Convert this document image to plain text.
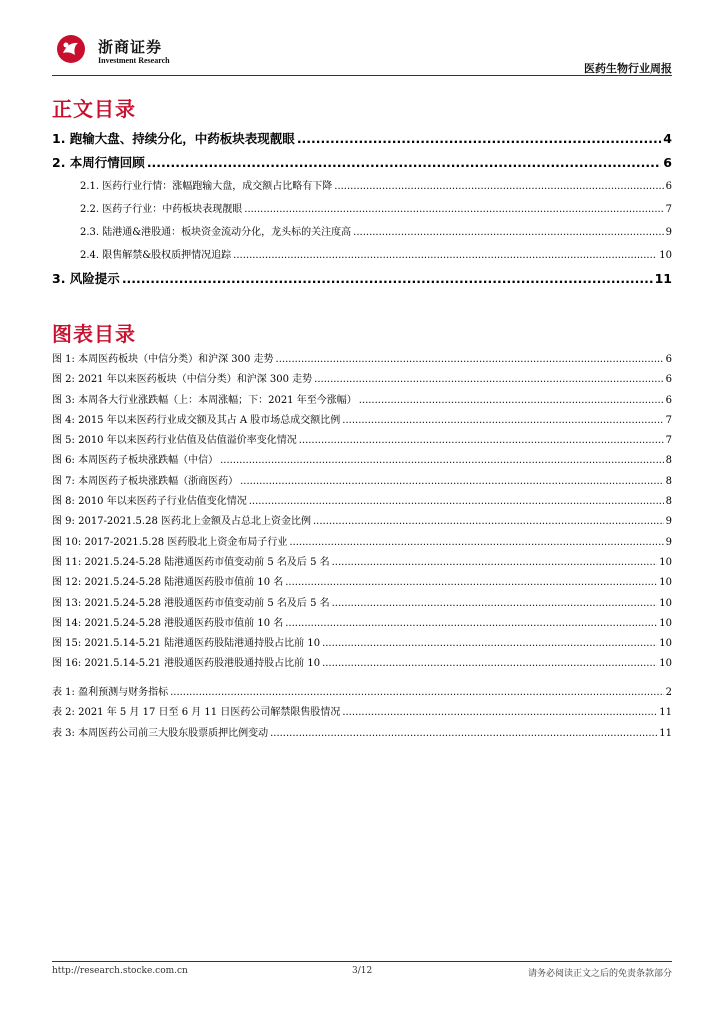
浙商证券
Investment Research
医药生物行业周报
正文目录
1. 跑输大盘、持续分化，中药板块表现靓眼 .....	4
2. 本周行情回顾 .....	6
2.1. 医药行业行情：涨幅跑输大盘，成交额占比略有下降 .....	6
2.2. 医药子行业：中药板块表现靓眼 .....	7
2.3. 陆港通&港股通：板块资金流动分化，龙头标的关注度高 .....	9
2.4. 限售解禁&股权质押情况追踪 .....	10
3. 风险提示 .....	11
图表目录
图 1: 本周医药板块（中信分类）和沪深 300 走势 .....	6
图 2: 2021 年以来医药板块（中信分类）和沪深 300 走势 .....	6
图 3: 本周各大行业涨跌幅（上：本周涨幅；下：2021 年至今涨幅） .....	6
图 4: 2015 年以来医药行业成交额及其占 A 股市场总成交额比例 .....	7
图 5: 2010 年以来医药行业估值及估值溢价率变化情况 .....	7
图 6: 本周医药子板块涨跌幅（中信） .....	8
图 7: 本周医药子板块涨跌幅（浙商医药） .....	8
图 8: 2010 年以来医药子行业估值变化情况 .....	8
图 9: 2017-2021.5.28 医药北上金额及占总北上资金比例 .....	9
图 10: 2017-2021.5.28 医药股北上资金布局子行业 .....	9
图 11: 2021.5.24-5.28 陆港通医药市值变动前 5 名及后 5 名 .....	10
图 12: 2021.5.24-5.28 陆港通医药股市值前 10 名 .....	10
图 13: 2021.5.24-5.28 港股通医药市值变动前 5 名及后 5 名 .....	10
图 14: 2021.5.24-5.28 港股通医药股市值前 10 名 .....	10
图 15: 2021.5.14-5.21 陆港通医药股陆港通持股占比前 10 .....	10
图 16: 2021.5.14-5.21 港股通医药股港股通持股占比前 10 .....	10
表 1: 盈利预测与财务指标 .....	2
表 2: 2021 年 5 月 17 日至 6 月 11 日医药公司解禁限售股情况 .....	11
表 3: 本周医药公司前三大股东股票质押比例变动 .....	11
http://research.stocke.com.cn	3/12	请务必阅读正文之后的免责条款部分
